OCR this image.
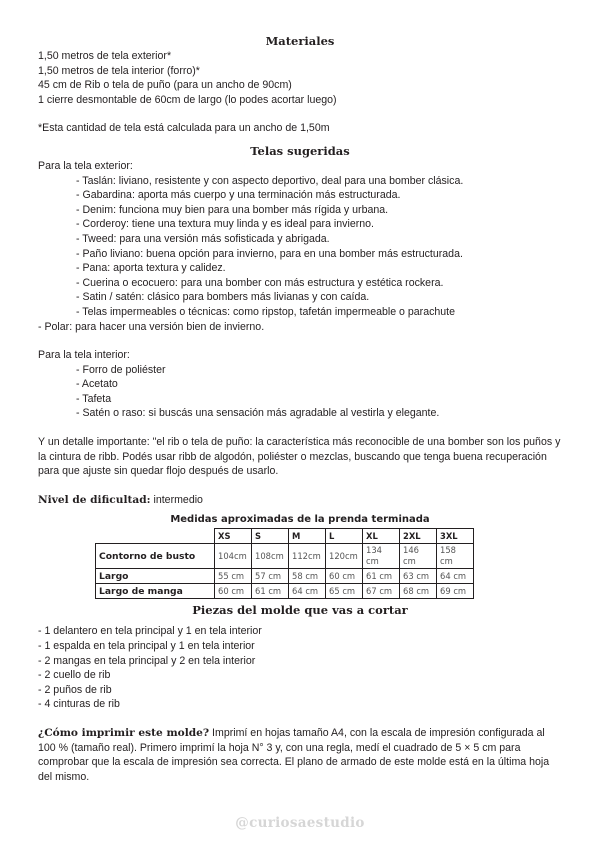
Materiales

1,50 metros de tela exterior*

1,50 metros de tela interior (forro)*

45 cm de Rib o tela de puño (para un ancho de 90cm)

1 cierre desmontable de 60cm de largo (lo podes acortar luego)

*Esta cantidad de tela está calculada para un ancho de 1,50m

Telas sugeridas

Para la tela exterior:

- Taslán: liviano, resistente y con aspecto deportivo, deal para una bomber clásica.

- Gabardina: aporta más cuerpo y una terminación más estructurada.

- Denim: funciona muy bien para una bomber más rígida y urbana.

- Corderoy: tiene una textura muy linda y es ideal para invierno.

- Tweed: para una versión más sofisticada y abrigada.

- Paño liviano: buena opción para invierno, para en una bomber más estructurada.

- Pana: aporta textura y calidez.

- Cuerina o ecocuero: para una bomber con más estructura y estética rockera.

- Satin / satén: clásico para bombers más livianas y con caída.

- Telas impermeables o técnicas: como ripstop, tafetán impermeable o parachute

- Polar: para hacer una versión bien de invierno.

Para la tela interior:

- Forro de poliéster

- Acetato

- Tafeta

- Satén o raso: si buscás una sensación más agradable al vestirla y elegante.

Y un detalle importante: "el rib o tela de puño: la característica más reconocible de una bomber son los puños y la cintura de ribb. Podés usar ribb de algodón, poliéster o mezclas, buscando que tenga buena recuperación para que ajuste sin quedar flojo después de usarlo.

Nivel de dificultad: intermedio

Medidas aproximadas de la prenda terminada
	XS	S	M	L	XL	2XL	3XL
Contorno de busto	104cm	108cm	112cm	120cm	134 cm	146 cm	158 cm
Largo	55 cm	57 cm	58 cm	60 cm	61 cm	63 cm	64 cm
Largo de manga	60 cm	61 cm	64 cm	65 cm	67 cm	68 cm	69 cm
Piezas del molde que vas a cortar

- 1 delantero en tela principal y 1 en tela interior

- 1 espalda en tela principal y 1 en tela interior

- 2 mangas en tela principal y 2 en tela interior

- 2 cuello de rib

- 2 puños de rib

- 4 cinturas de rib

¿Cómo imprimir este molde? Imprimí en hojas tamaño A4, con la escala de impresión configurada al 100 % (tamaño real). Primero imprimí la hoja N° 3 y, con una regla, medí el cuadrado de 5 × 5 cm para comprobar que la escala de impresión sea correcta. El plano de armado de este molde está en la última hoja del mismo.

@curiosaestudio
